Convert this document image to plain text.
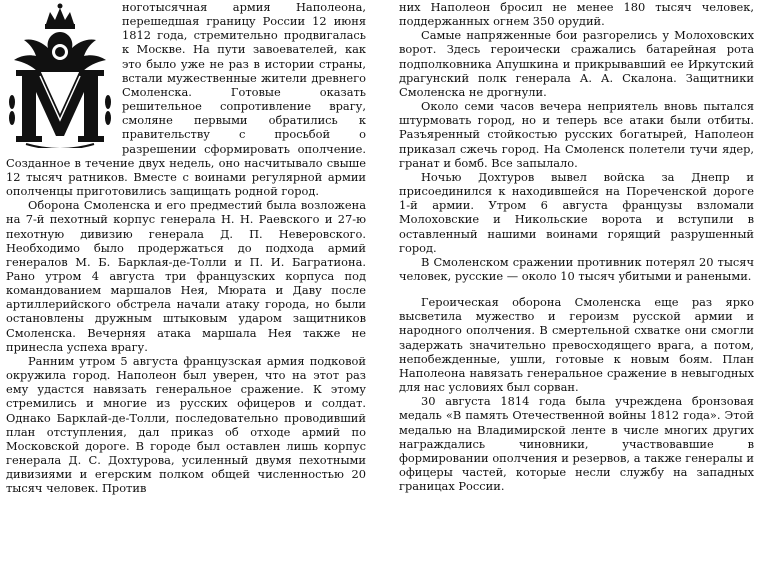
ноготысячная армия Наполеона, перешедшая границу России 12 июня 1812 года, стремительно продвигалась к Москве. На пути завоевателей, как это было уже не раз в истории страны, встали мужественные жители древнего Смоленска. Готовые оказать решительное сопротивление врагу, смоляне первыми обратились к правительству с просьбой о разрешении сформировать ополчение. Созданное в течение двух недель, оно насчитывало свыше 12 тысяч ратников. Вместе с воинами регулярной армии ополченцы приготовились защищать родной город.

Оборона Смоленска и его предместий была возложена на 7-й пехотный корпус генерала Н. Н. Раевского и 27-ю пехотную дивизию генерала Д. П. Неверовского. Необходимо было продержаться до подхода армий генералов М. Б. Барклая-де-Толли и П. И. Багратиона. Рано утром 4 августа три французских корпуса под командованием маршалов Нея, Мюрата и Даву после артиллерийского обстрела начали атаку города, но были остановлены дружным штыковым ударом защитников Смоленска. Вечерняя атака маршала Нея также не принесла успеха врагу.

Ранним утром 5 августа французская армия подковой окружила город. Наполеон был уверен, что на этот раз ему удастся навязать генеральное сражение. К этому стремились и многие из русских офицеров и солдат. Однако Барклай-де-Толли, последовательно проводивший план отступления, дал приказ об отходе армий по Московской дороге. В городе был оставлен лишь корпус генерала Д. С. Дохтурова, усиленный двумя пехотными дивизиями и егерским полком общей численностью 20 тысяч человек. Против

них Наполеон бросил не менее 180 тысяч человек, поддержанных огнем 350 орудий.

Самые напряженные бои разгорелись у Молоховских ворот. Здесь героически сражались батарейная рота подполковника Апушкина и прикрывавший ее Иркутский драгунский полк генерала А. А. Скалона. Защитники Смоленска не дрогнули.

Около семи часов вечера неприятель вновь пытался штурмовать город, но и теперь все атаки были отбиты. Разъяренный стойкостью русских богатырей, Наполеон приказал сжечь город. На Смоленск полетели тучи ядер, гранат и бомб. Все запылало.

Ночью Дохтуров вывел войска за Днепр и присоединился к находившейся на Пореченской дороге 1-й армии. Утром 6 августа французы взломали Молоховские и Никольские ворота и вступили в оставленный нашими воинами горящий разрушенный город.

В Смоленском сражении противник потерял 20 тысяч человек, русские — около 10 тысяч убитыми и ранеными.

Героическая оборона Смоленска еще раз ярко высветила мужество и героизм русской армии и народного ополчения. В смертельной схватке они смогли задержать значительно превосходящего врага, а потом, непобежденные, ушли, готовые к новым боям. План Наполеона навязать генеральное сражение в невыгодных для нас условиях был сорван.

30 августа 1814 года была учреждена бронзовая медаль «В память Отечественной войны 1812 года». Этой медалью на Владимирской ленте в числе многих других награждались чиновники, участвовавшие в формировании ополчения и резервов, а также генералы и офицеры частей, которые несли службу на западных границах России.
